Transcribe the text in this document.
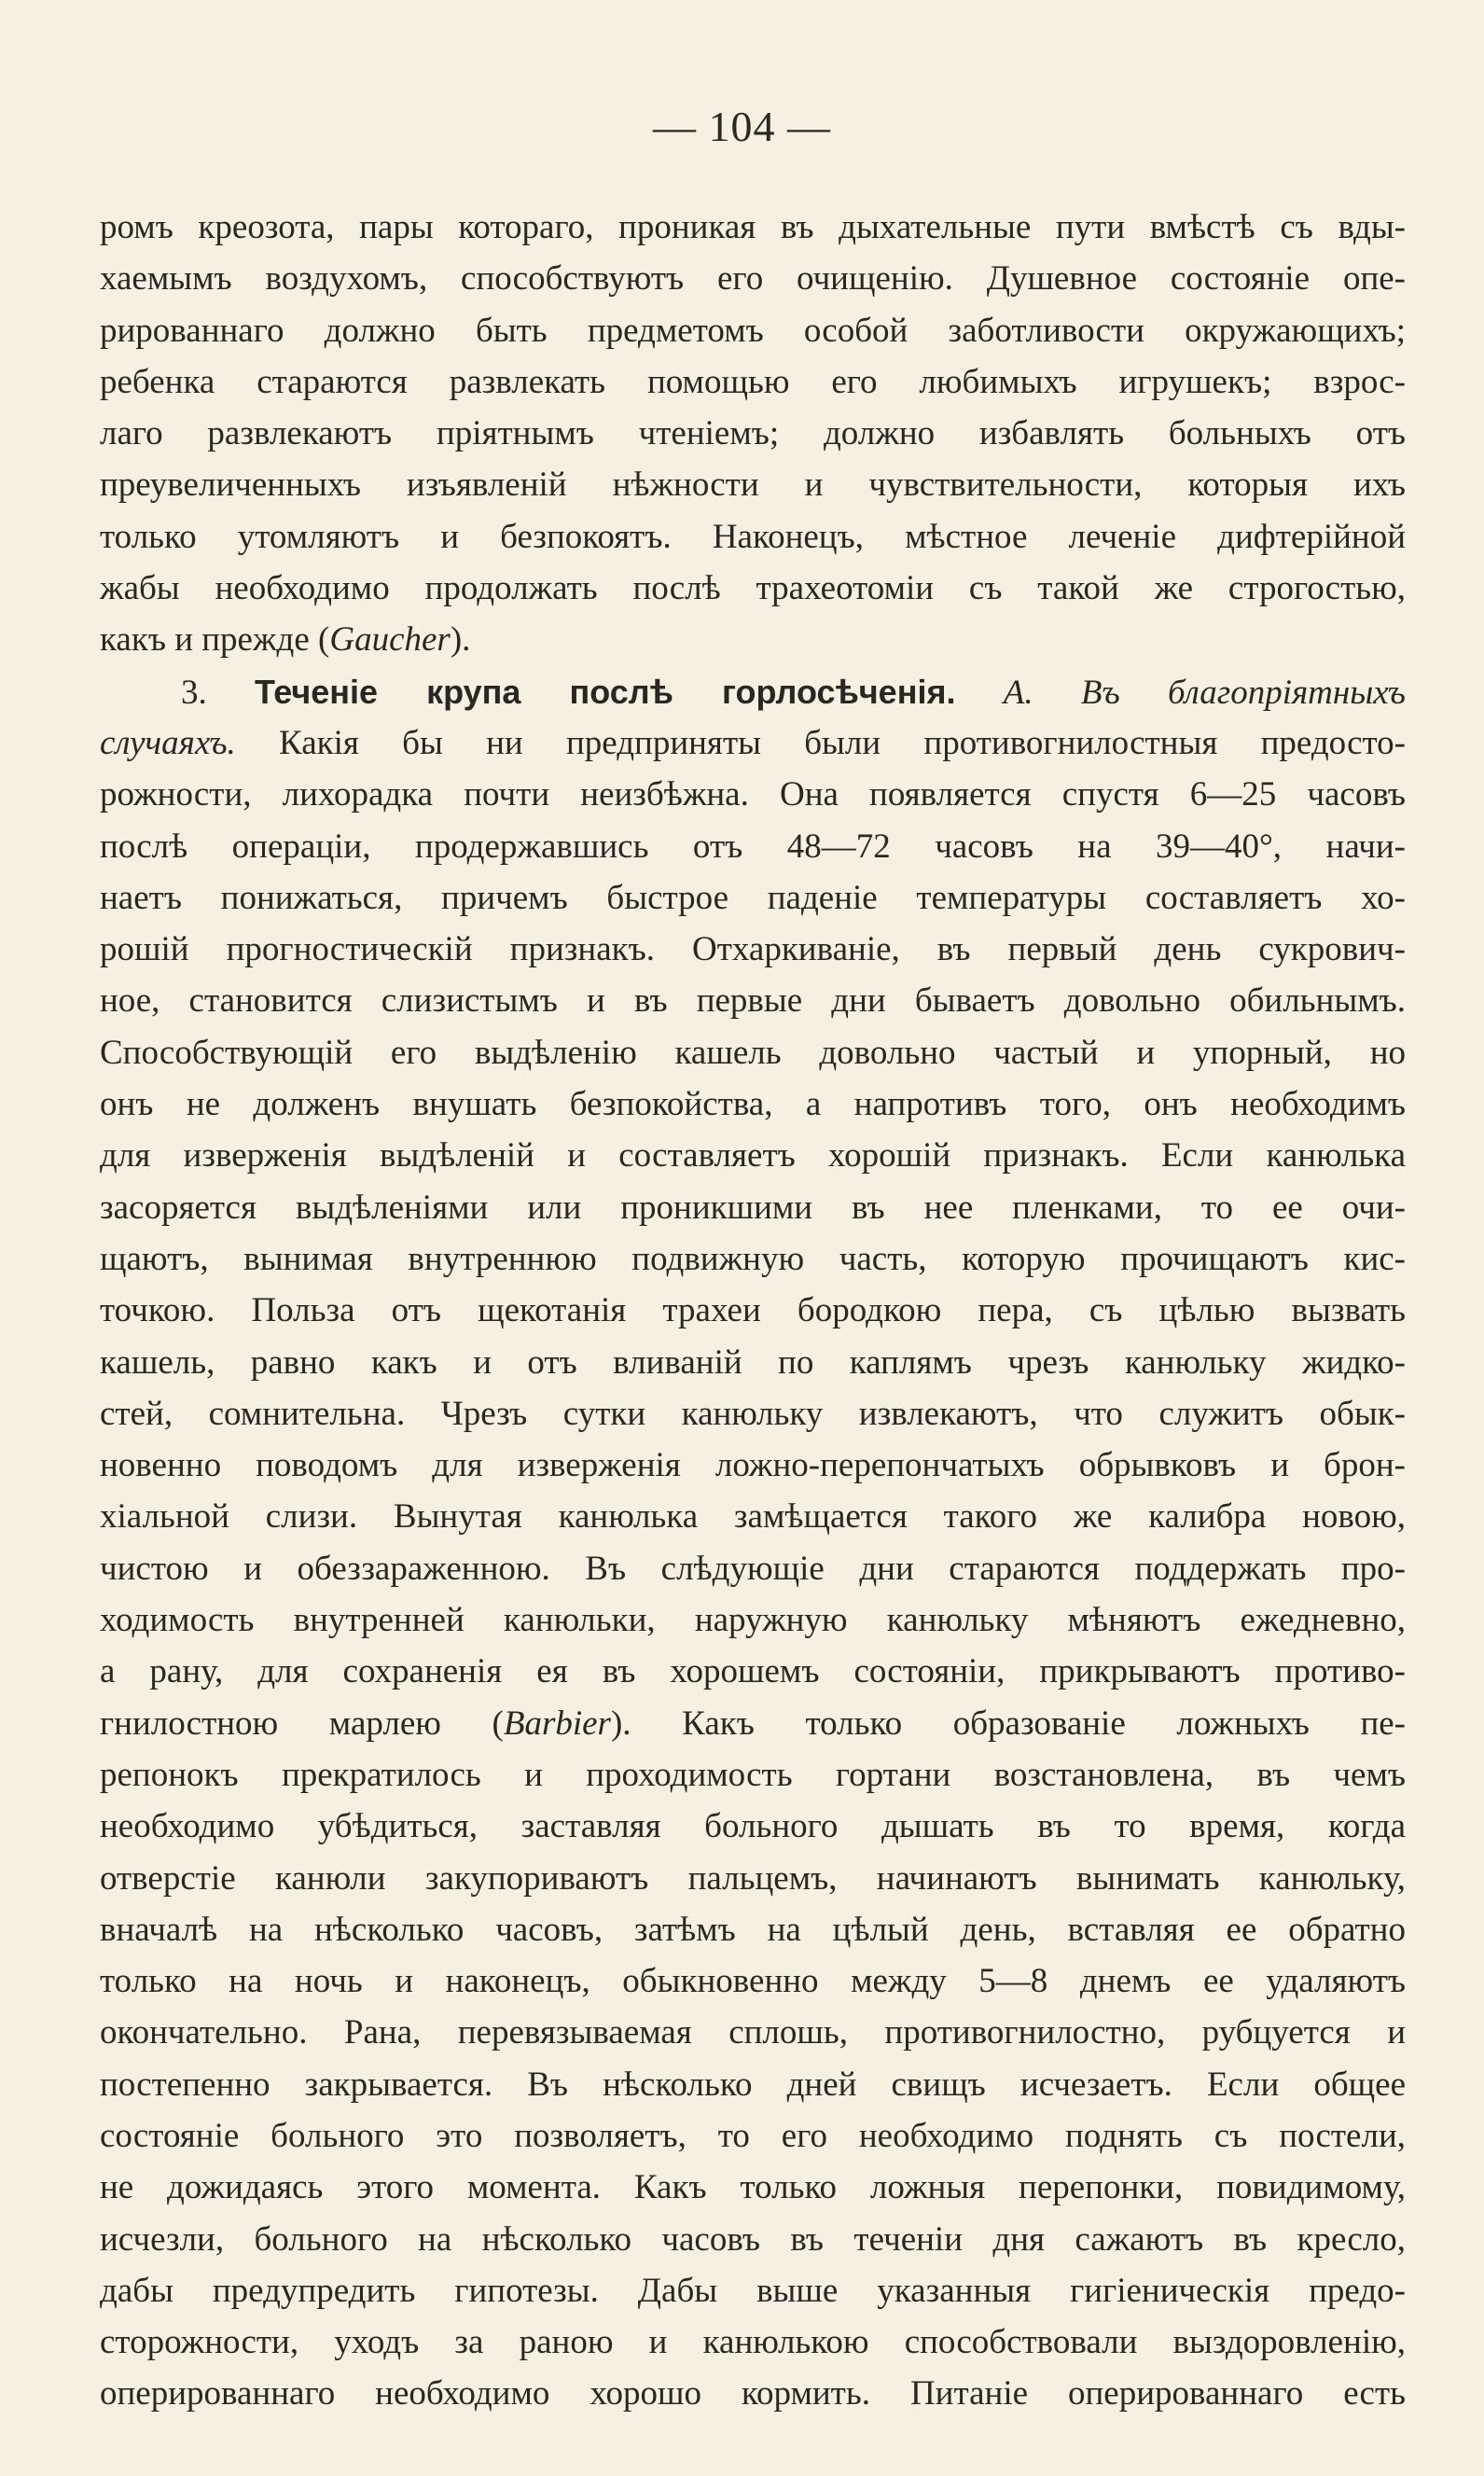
— 104 —
ромъ креозота, пары котораго, проникая въ дыхательные пути вмѣстѣ съ вды-
хаемымъ воздухомъ, способствуютъ его очищенію. Душевное состояніе опе-
рированнаго должно быть предметомъ особой заботливости окружающихъ;
ребенка стараются развлекать помощью его любимыхъ игрушекъ; взрос-
лаго развлекаютъ пріятнымъ чтеніемъ; должно избавлять больныхъ отъ
преувеличенныхъ изъявленій нѣжности и чувствительности, которыя ихъ
только утомляютъ и безпокоятъ. Наконецъ, мѣстное леченіе дифтерійной
жабы необходимо продолжать послѣ трахеотоміи съ такой же строгостью,
какъ и прежде (Gaucher).
3. Теченіе крупа послѣ горлосѣченія. А. Въ благопріятныхъ
случаяхъ. Какія бы ни предприняты были противогнилостныя предосто-
рожности, лихорадка почти неизбѣжна. Она появляется спустя 6—25 часовъ
послѣ операціи, продержавшись отъ 48—72 часовъ на 39—40°, начи-
наетъ понижаться, причемъ быстрое паденіе температуры составляетъ хо-
рошій прогностическій признакъ. Отхаркиваніе, въ первый день сукрович-
ное, становится слизистымъ и въ первые дни бываетъ довольно обильнымъ.
Способствующій его выдѣленію кашель довольно частый и упорный, но
онъ не долженъ внушать безпокойства, а напротивъ того, онъ необходимъ
для изверженія выдѣленій и составляетъ хорошій признакъ. Если канюлька
засоряется выдѣленіями или проникшими въ нее пленками, то ее очи-
щаютъ, вынимая внутреннюю подвижную часть, которую прочищаютъ кис-
точкою. Польза отъ щекотанія трахеи бородкою пера, съ цѣлью вызвать
кашель, равно какъ и отъ вливаній по каплямъ чрезъ канюльку жидко-
стей, сомнительна. Чрезъ сутки канюльку извлекаютъ, что служитъ обык-
новенно поводомъ для изверженія ложно-перепончатыхъ обрывковъ и брон-
хіальной слизи. Вынутая канюлька замѣщается такого же калибра новою,
чистою и обеззараженною. Въ слѣдующіе дни стараются поддержать про-
ходимость внутренней канюльки, наружную канюльку мѣняютъ ежедневно,
а рану, для сохраненія ея въ хорошемъ состояніи, прикрываютъ противо-
гнилостною марлею (Barbier). Какъ только образованіе ложныхъ пе-
репонокъ прекратилось и проходимость гортани возстановлена, въ чемъ
необходимо убѣдиться, заставляя больного дышать въ то время, когда
отверстіе канюли закупориваютъ пальцемъ, начинаютъ вынимать канюльку,
вначалѣ на нѣсколько часовъ, затѣмъ на цѣлый день, вставляя ее обратно
только на ночь и наконецъ, обыкновенно между 5—8 днемъ ее удаляютъ
окончательно. Рана, перевязываемая сплошь, противогнилостно, рубцуется и
постепенно закрывается. Въ нѣсколько дней свищъ исчезаетъ. Если общее
состояніе больного это позволяетъ, то его необходимо поднять съ постели,
не дожидаясь этого момента. Какъ только ложныя перепонки, повидимому,
исчезли, больного на нѣсколько часовъ въ теченіи дня сажаютъ въ кресло,
дабы предупредить гипотезы. Дабы выше указанныя гигіеническія предо-
сторожности, уходъ за раною и канюлькою способствовали выздоровленію,
оперированнаго необходимо хорошо кормить. Питаніе оперированнаго есть
